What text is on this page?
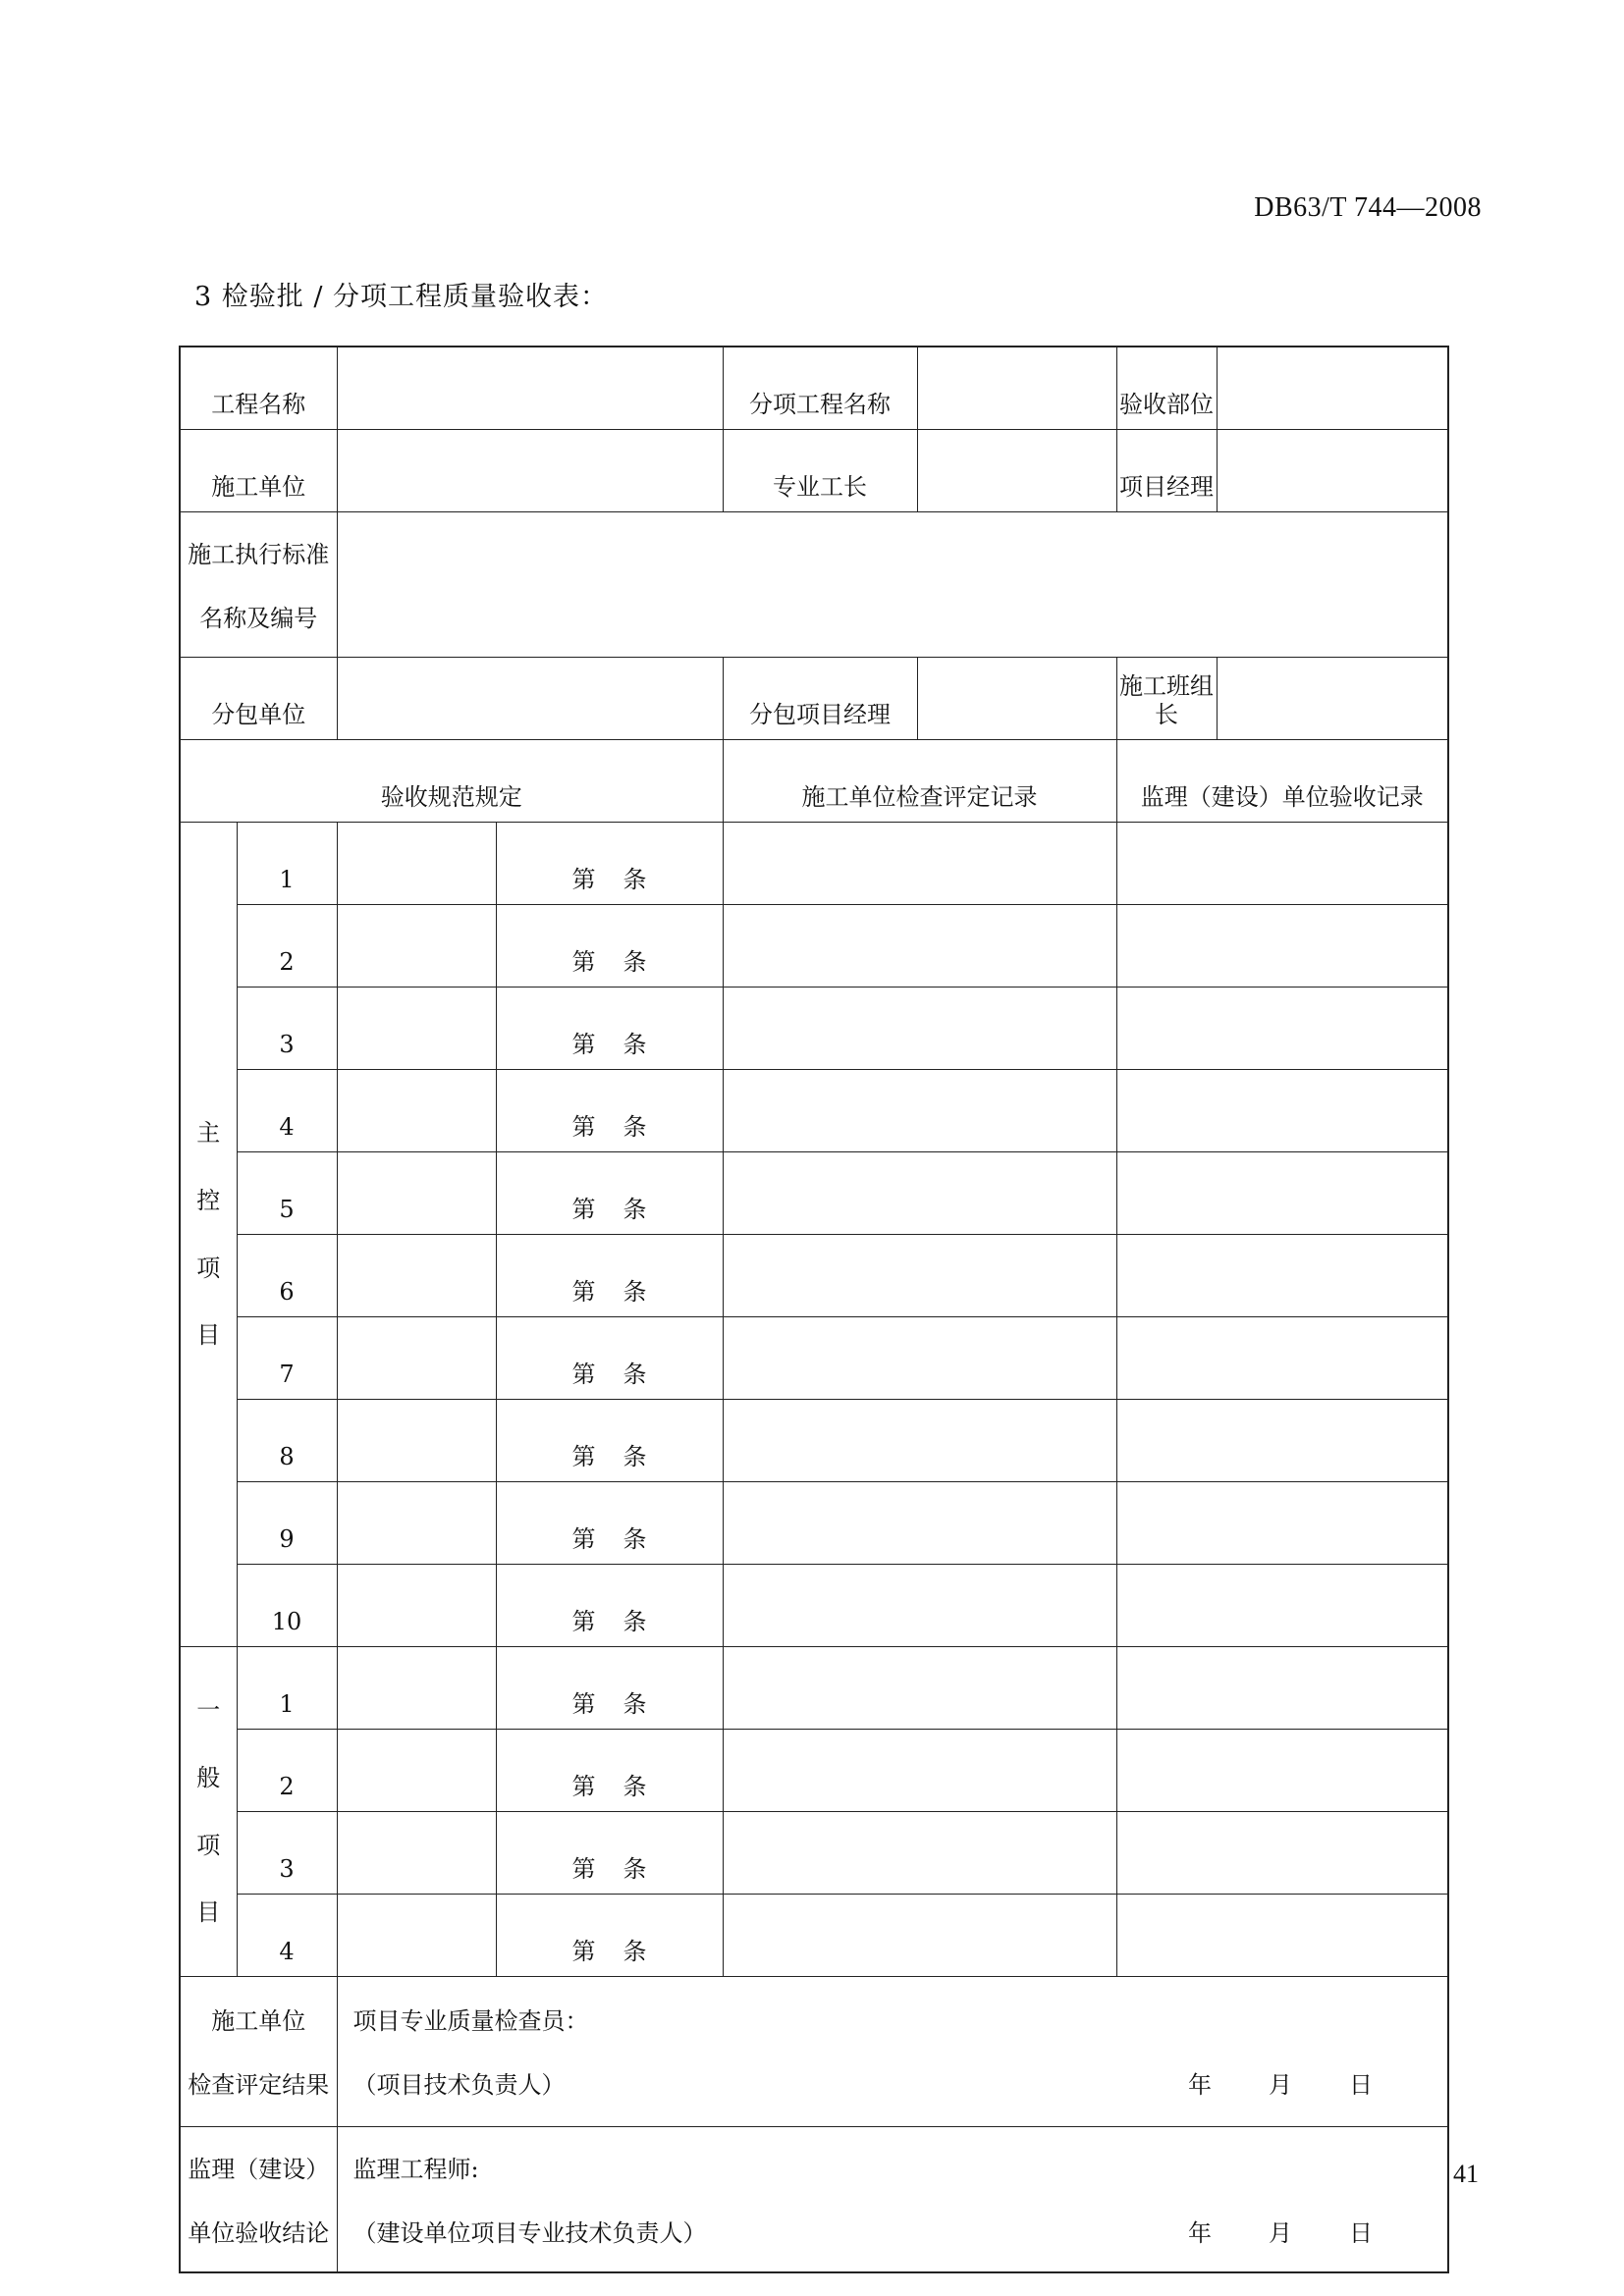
DB63/T 744—2008
3 检验批 / 分项工程质量验收表：
工程名称				分项工程名称		验收部位	
施工单位				专业工长		项目经理	

施工执行标准
名称及编号							

分包单位				分包项目经理		施工班组长	
验收规范规定				施工单位检查评定记录		监理（建设）单位验收记录	

主
控
项
目	1		第 条				

	2		第 条				

	3		第 条				

	4		第 条				

	5		第 条				

	6		第 条				

	7		第 条				

	8		第 条				

	9		第 条				

	10		第 条				

一
般
项
目	1		第 条				

	2		第 条				

	3		第 条				

	4		第 条				

施工单位
检查评定结果		项目专业质量检查员：
（项目技术负责人） 年 月 日					

监理（建设）
单位验收结论		监理工程师:
（建设单位项目专业技术负责人） 年 月 日					
41
